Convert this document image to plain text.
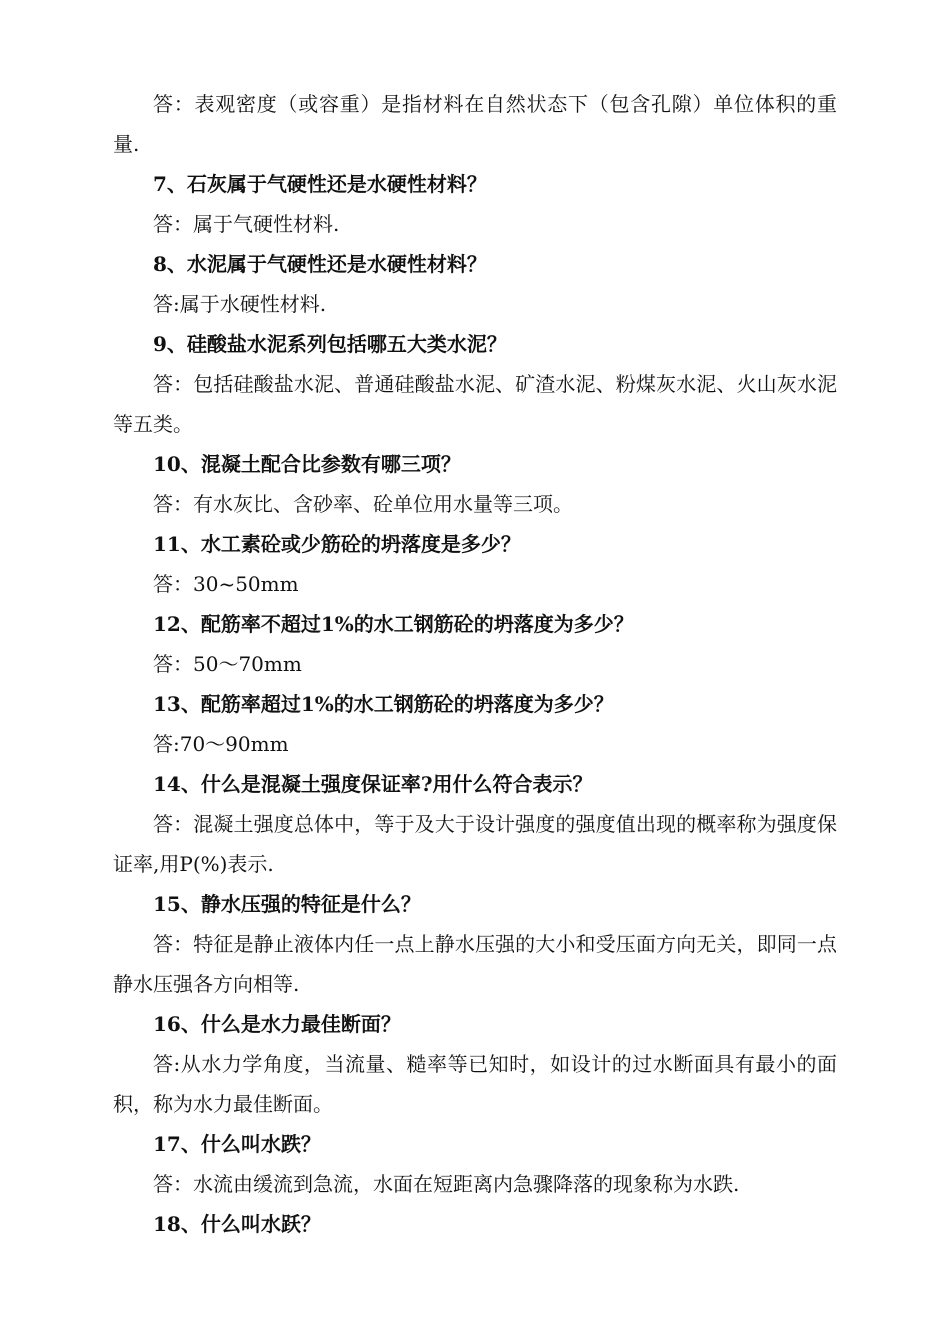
答：表观密度（或容重）是指材料在自然状态下（包含孔隙）单位体积的重量.

7、石灰属于气硬性还是水硬性材料？

答：属于气硬性材料.

8、水泥属于气硬性还是水硬性材料？

答:属于水硬性材料.

9、硅酸盐水泥系列包括哪五大类水泥？

答：包括硅酸盐水泥、普通硅酸盐水泥、矿渣水泥、粉煤灰水泥、火山灰水泥等五类。

10、混凝土配合比参数有哪三项？

答：有水灰比、含砂率、砼单位用水量等三项。

11、水工素砼或少筋砼的坍落度是多少？

答：30~50mm

12、配筋率不超过1%的水工钢筋砼的坍落度为多少？

答：50～70mm

13、配筋率超过1%的水工钢筋砼的坍落度为多少？

答:70～90mm

14、什么是混凝土强度保证率?用什么符合表示？

答：混凝土强度总体中，等于及大于设计强度的强度值出现的概率称为强度保证率,用P(%)表示.

15、静水压强的特征是什么？

答：特征是静止液体内任一点上静水压强的大小和受压面方向无关，即同一点静水压强各方向相等.

16、什么是水力最佳断面？

答:从水力学角度，当流量、糙率等已知时，如设计的过水断面具有最小的面积，称为水力最佳断面。

17、什么叫水跌？

答：水流由缓流到急流，水面在短距离内急骤降落的现象称为水跌.

18、什么叫水跃？
